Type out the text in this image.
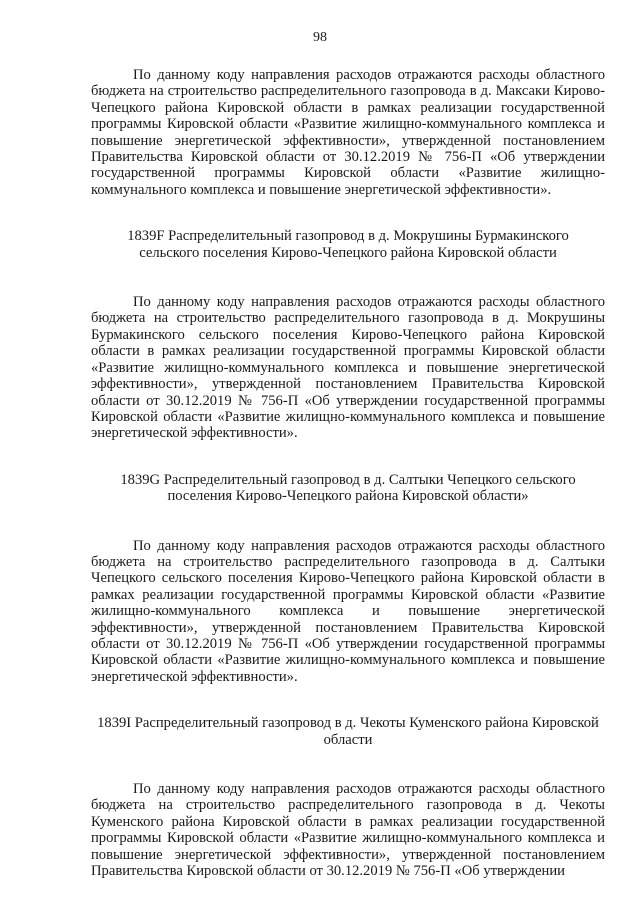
98

По данному коду направления расходов отражаются расходы областного бюджета на строительство распределительного газопровода в д. Максаки Кирово-Чепецкого района Кировской области в рамках реализации государственной программы Кировской области «Развитие жилищно-коммунального комплекса и повышение энергетической эффективности», утвержденной постановлением Правительства Кировской области от 30.12.2019 № 756-П «Об утверждении государственной программы Кировской области «Развитие жилищно-коммунального комплекса и повышение энергетической эффективности».

1839F Распределительный газопровод в д. Мокрушины Бурмакинского сельского поселения Кирово-Чепецкого района Кировской области

По данному коду направления расходов отражаются расходы областного бюджета на строительство распределительного газопровода в д. Мокрушины Бурмакинского сельского поселения Кирово-Чепецкого района Кировской области в рамках реализации государственной программы Кировской области «Развитие жилищно-коммунального комплекса и повышение энергетической эффективности», утвержденной постановлением Правительства Кировской области от 30.12.2019 № 756-П «Об утверждении государственной программы Кировской области «Развитие жилищно-коммунального комплекса и повышение энергетической эффективности».

1839G Распределительный газопровод в д. Салтыки Чепецкого сельского поселения Кирово-Чепецкого района Кировской области»

По данному коду направления расходов отражаются расходы областного бюджета на строительство распределительного газопровода в д. Салтыки Чепецкого сельского поселения Кирово-Чепецкого района Кировской области в рамках реализации государственной программы Кировской области «Развитие жилищно-коммунального комплекса и повышение энергетической эффективности», утвержденной постановлением Правительства Кировской области от 30.12.2019 № 756-П «Об утверждении государственной программы Кировской области «Развитие жилищно-коммунального комплекса и повышение энергетической эффективности».

1839I Распределительный газопровод в д. Чекоты Куменского района Кировской области

По данному коду направления расходов отражаются расходы областного бюджета на строительство распределительного газопровода в д. Чекоты Куменского района Кировской области в рамках реализации государственной программы Кировской области «Развитие жилищно-коммунального комплекса и повышение энергетической эффективности», утвержденной постановлением Правительства Кировской области от 30.12.2019 № 756-П «Об утверждении
